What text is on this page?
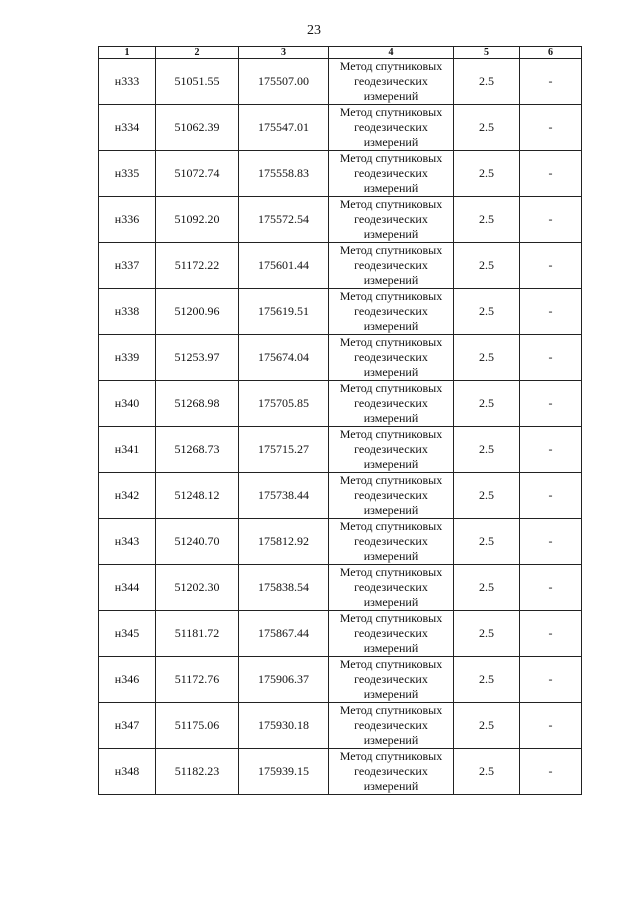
23
1	2	3	4	5	6
н333	51051.55	175507.00	Метод спутниковых
геодезических
измерений	2.5	-
н334	51062.39	175547.01	Метод спутниковых
геодезических
измерений	2.5	-
н335	51072.74	175558.83	Метод спутниковых
геодезических
измерений	2.5	-
н336	51092.20	175572.54	Метод спутниковых
геодезических
измерений	2.5	-
н337	51172.22	175601.44	Метод спутниковых
геодезических
измерений	2.5	-
н338	51200.96	175619.51	Метод спутниковых
геодезических
измерений	2.5	-
н339	51253.97	175674.04	Метод спутниковых
геодезических
измерений	2.5	-
н340	51268.98	175705.85	Метод спутниковых
геодезических
измерений	2.5	-
н341	51268.73	175715.27	Метод спутниковых
геодезических
измерений	2.5	-
н342	51248.12	175738.44	Метод спутниковых
геодезических
измерений	2.5	-
н343	51240.70	175812.92	Метод спутниковых
геодезических
измерений	2.5	-
н344	51202.30	175838.54	Метод спутниковых
геодезических
измерений	2.5	-
н345	51181.72	175867.44	Метод спутниковых
геодезических
измерений	2.5	-
н346	51172.76	175906.37	Метод спутниковых
геодезических
измерений	2.5	-
н347	51175.06	175930.18	Метод спутниковых
геодезических
измерений	2.5	-
н348	51182.23	175939.15	Метод спутниковых
геодезических
измерений	2.5	-
